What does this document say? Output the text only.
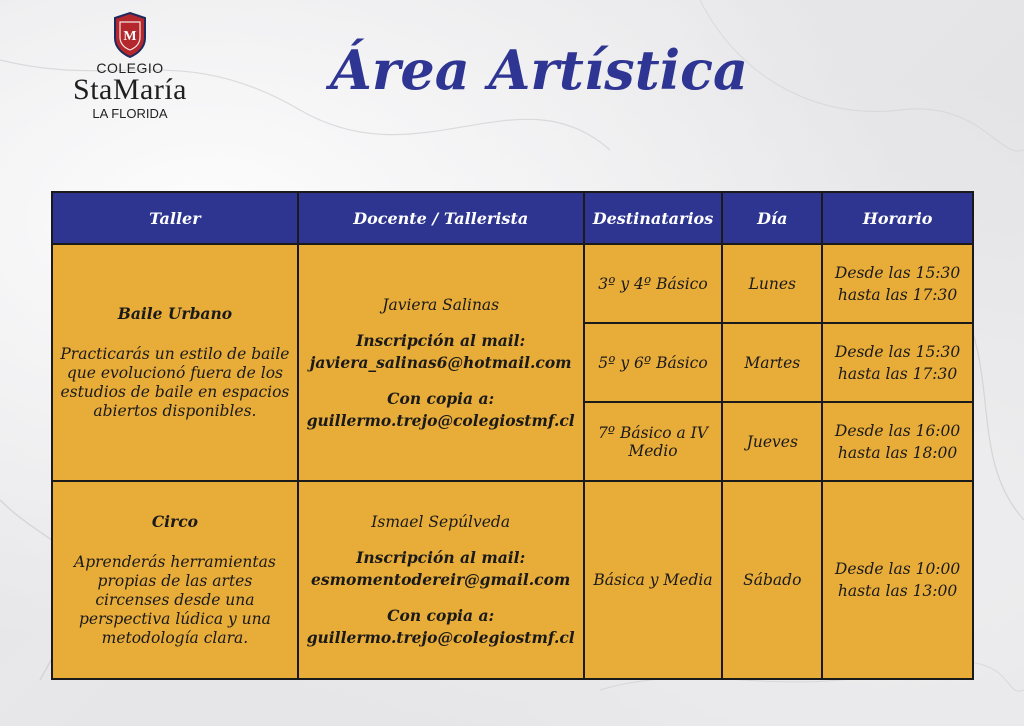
M
COLEGIO
StaMaría
LA FLORIDA
Área Artística
Taller	Docente / Tallerista	Destinatarios	Día	Horario

Baile Urbano
Practicarás un estilo de baile que evolucionó fuera de los estudios de baile en espacios abiertos disponibles.	Javiera Salinas
Inscripción al mail:
javiera_salinas6@hotmail.com
Con copia a:
guillermo.trejo@colegiostmf.cl	3º y 4º Básico	Lunes	Desde las 15:30
hasta las 17:30

		5º y 6º Básico	Martes	Desde las 15:30
hasta las 17:30

		7º Básico a IV Medio	Jueves	Desde las 16:00
hasta las 18:00

Circo
Aprenderás herramientas propias de las artes circenses desde una perspectiva lúdica y una metodología clara.	Ismael Sepúlveda
Inscripción al mail:
esmomentodereir@gmail.com
Con copia a:
guillermo.trejo@colegiostmf.cl	Básica y Media	Sábado	Desde las 10:00
hasta las 13:00
